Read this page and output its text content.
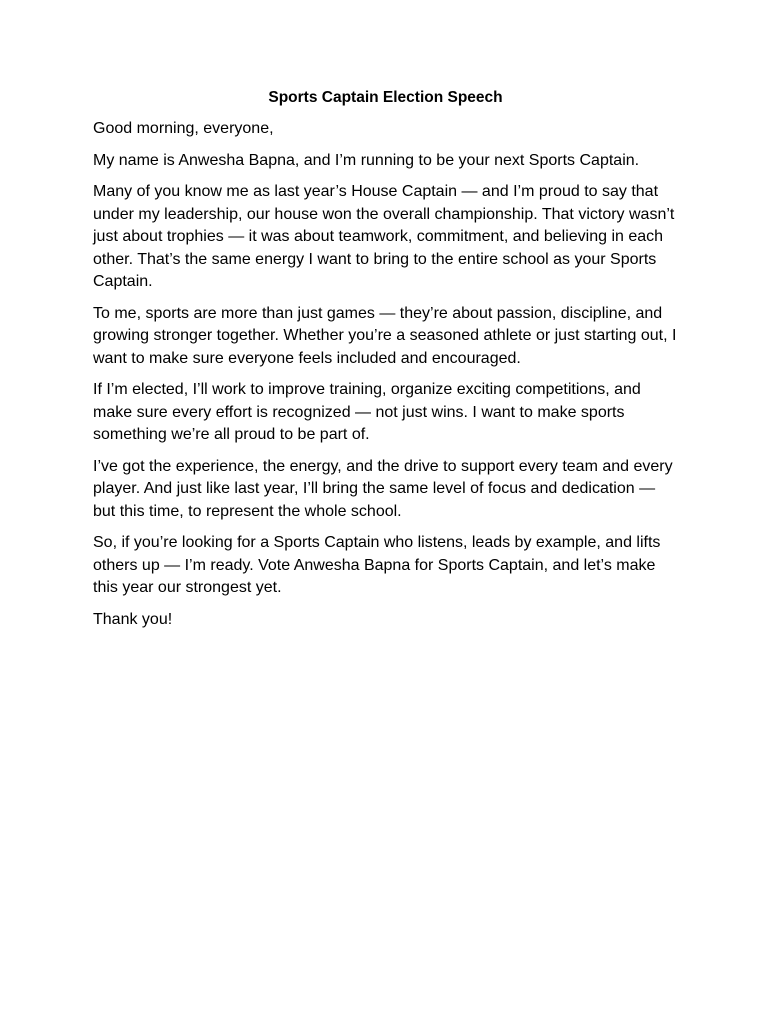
Sports Captain Election Speech

Good morning, everyone,

My name is Anwesha Bapna, and I’m running to be your next Sports Captain.

Many of you know me as last year’s House Captain — and I’m proud to say that under my leadership, our house won the overall championship. That victory wasn’t just about trophies — it was about teamwork, commitment, and believing in each other. That’s the same energy I want to bring to the entire school as your Sports Captain.

To me, sports are more than just games — they’re about passion, discipline, and growing stronger together. Whether you’re a seasoned athlete or just starting out, I want to make sure everyone feels included and encouraged.

If I’m elected, I’ll work to improve training, organize exciting competitions, and make sure every effort is recognized — not just wins. I want to make sports something we’re all proud to be part of.

I’ve got the experience, the energy, and the drive to support every team and every player. And just like last year, I’ll bring the same level of focus and dedication — but this time, to represent the whole school.

So, if you’re looking for a Sports Captain who listens, leads by example, and lifts others up — I’m ready. Vote Anwesha Bapna for Sports Captain, and let’s make this year our strongest yet.

Thank you!
